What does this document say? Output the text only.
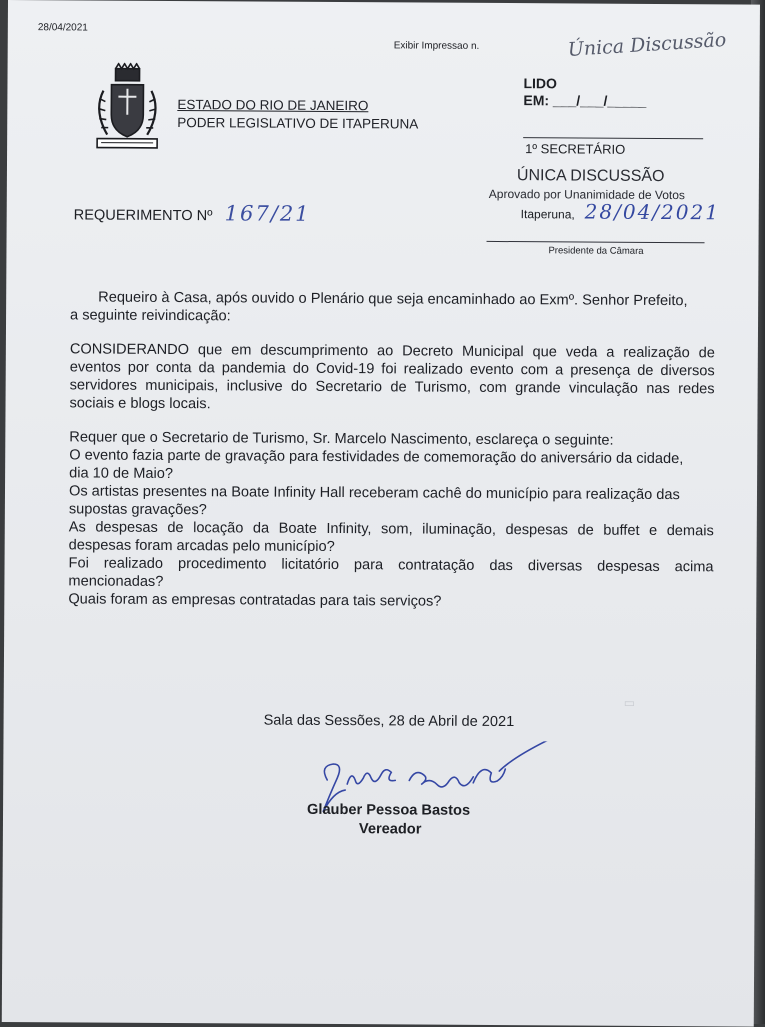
28/04/2021
Exibir Impressao n.	Única Discussão
ESTADO DO RIO DE JANEIRO
PODER LEGISLATIVO DE ITAPERUNA
LIDO
EM: ___/___/_____
1º SECRETÁRIO
ÚNICA DISCUSSÃO
Aprovado por Unanimidade de Votos
Itaperuna, 28/04/2021
Presidente da Câmara
REQUERIMENTO Nº 167/21
Requeiro à Casa, após ouvido o Plenário que seja encaminhado ao Exmº. Senhor Prefeito,
a seguinte reivindicação:
CONSIDERANDO que em descumprimento ao Decreto Municipal que veda a realização de
eventos por conta da pandemia do Covid-19 foi realizado evento com a presença de diversos
servidores municipais, inclusive do Secretario de Turismo, com grande vinculação nas redes
sociais e blogs locais.
Requer que o Secretario de Turismo, Sr. Marcelo Nascimento, esclareça o seguinte:
O evento fazia parte de gravação para festividades de comemoração do aniversário da cidade,
dia 10 de Maio?
Os artistas presentes na Boate Infinity Hall receberam cachê do município para realização das
supostas gravações?
As despesas de locação da Boate Infinity, som, iluminação, despesas de buffet e demais
despesas foram arcadas pelo município?
Foi realizado procedimento licitatório para contratação das diversas despesas acima
mencionadas?
Quais foram as empresas contratadas para tais serviços?
Sala das Sessões, 28 de Abril de 2021
Glauber Pessoa Bastos
Vereador
▭
